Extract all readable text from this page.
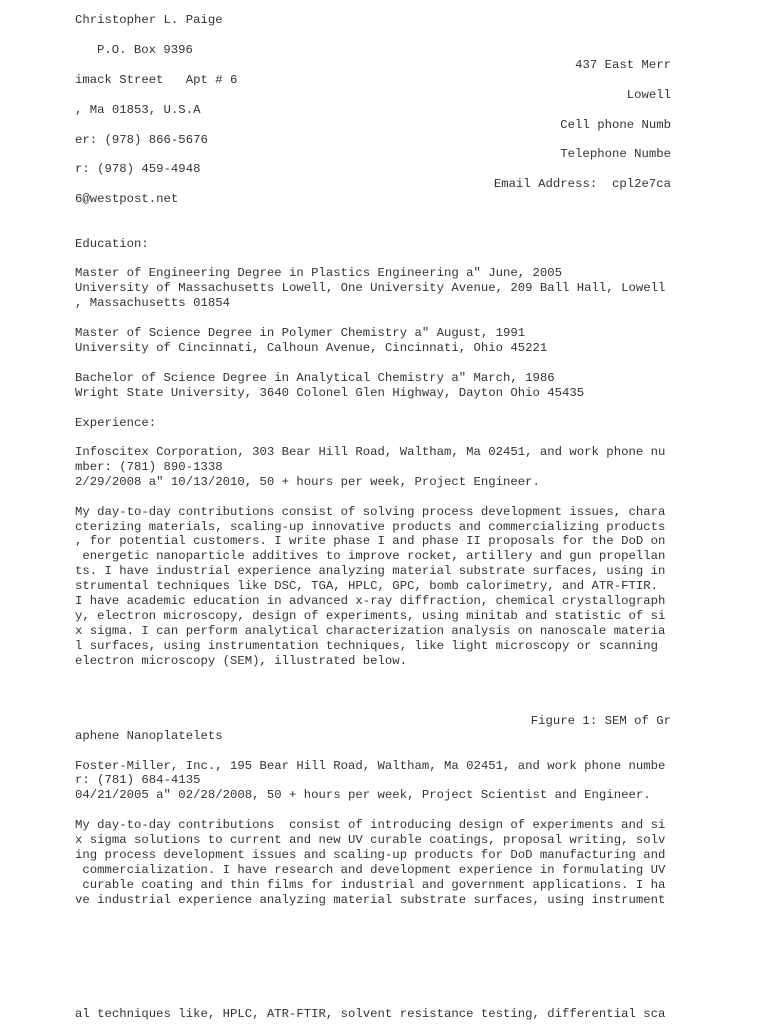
Christopher L. Paige
P.O. Box 9396
437 East Merr
imack Street   Apt # 6
Lowell
, Ma 01853, U.S.A
Cell phone Numb
er: (978) 866-5676
Telephone Numbe
r: (978) 459-4948
Email Address:  cpl2e7ca
6@westpost.net
Education:
Master of Engineering Degree in Plastics Engineering a" June, 2005
University of Massachusetts Lowell, One University Avenue, 209 Ball Hall, Lowell
, Massachusetts 01854
Master of Science Degree in Polymer Chemistry a" August, 1991
University of Cincinnati, Calhoun Avenue, Cincinnati, Ohio 45221
Bachelor of Science Degree in Analytical Chemistry a" March, 1986
Wright State University, 3640 Colonel Glen Highway, Dayton Ohio 45435
Experience:
Infoscitex Corporation, 303 Bear Hill Road, Waltham, Ma 02451, and work phone nu
mber: (781) 890-1338
2/29/2008 a" 10/13/2010, 50 + hours per week, Project Engineer.
My day-to-day contributions consist of solving process development issues, chara
cterizing materials, scaling-up innovative products and commercializing products
, for potential customers. I write phase I and phase II proposals for the DoD on
energetic nanoparticle additives to improve rocket, artillery and gun propellan
ts. I have industrial experience analyzing material substrate surfaces, using in
strumental techniques like DSC, TGA, HPLC, GPC, bomb calorimetry, and ATR-FTIR.
I have academic education in advanced x-ray diffraction, chemical crystallograph
y, electron microscopy, design of experiments, using minitab and statistic of si
x sigma. I can perform analytical characterization analysis on nanoscale materia
l surfaces, using instrumentation techniques, like light microscopy or scanning
electron microscopy (SEM), illustrated below.
Figure 1: SEM of Gr
aphene Nanoplatelets
Foster-Miller, Inc., 195 Bear Hill Road, Waltham, Ma 02451, and work phone numbe
r: (781) 684-4135
04/21/2005 a" 02/28/2008, 50 + hours per week, Project Scientist and Engineer.
My day-to-day contributions  consist of introducing design of experiments and si
x sigma solutions to current and new UV curable coatings, proposal writing, solv
ing process development issues and scaling-up products for DoD manufacturing and
commercialization. I have research and development experience in formulating UV
curable coating and thin films for industrial and government applications. I ha
ve industrial experience analyzing material substrate surfaces, using instrument
al techniques like, HPLC, ATR-FTIR, solvent resistance testing, differential sca
